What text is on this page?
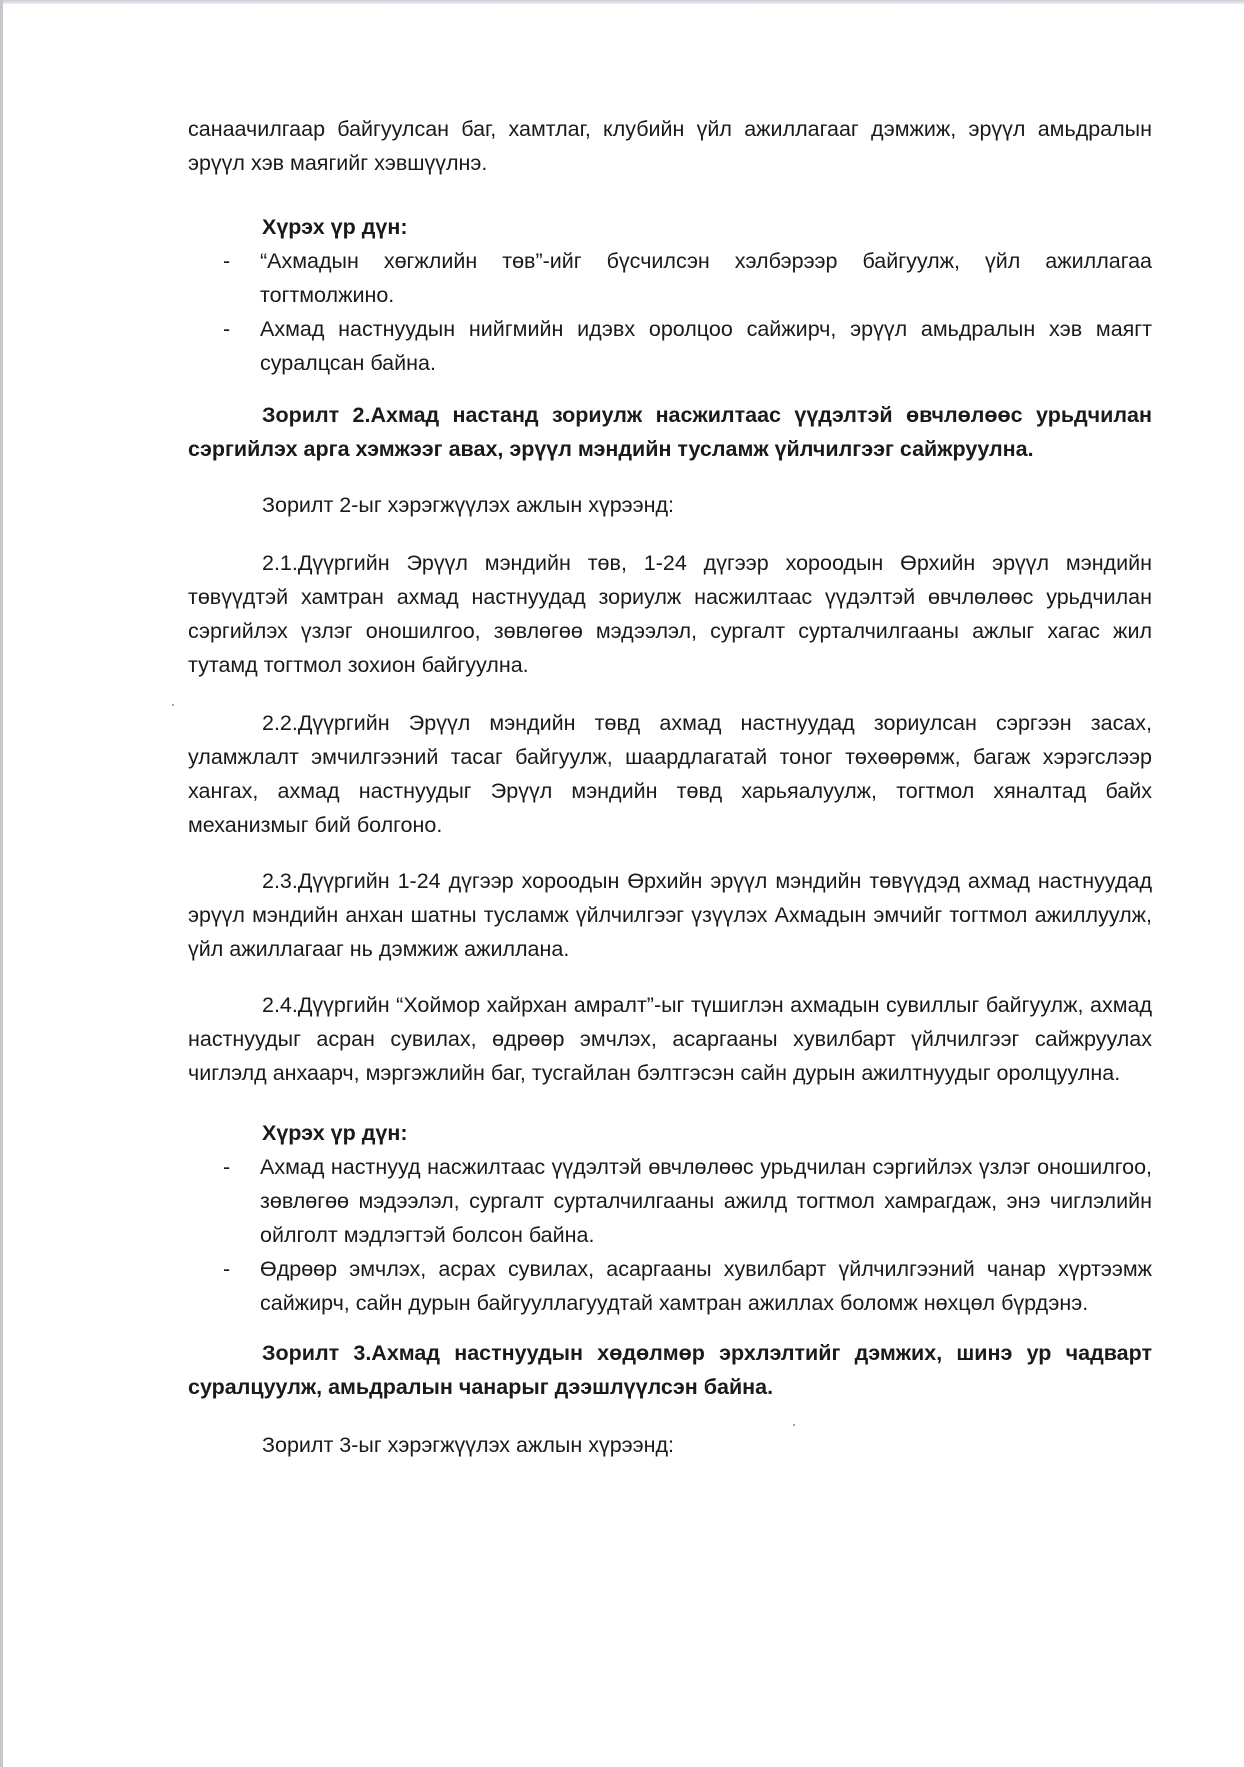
санаачилгаар байгуулсан баг, хамтлаг, клубийн үйл ажиллагааг дэмжиж, эрүүл амьдралын эрүүл хэв маягийг хэвшүүлнэ.

Хүрэх үр дүн:

- “Ахмадын хөгжлийн төв”-ийг бүсчилсэн хэлбэрээр байгуулж, үйл ажиллагаа тогтмолжино.
- Ахмад настнуудын нийгмийн идэвх оролцоо сайжирч, эрүүл амьдралын хэв маягт суралцсан байна.

Зорилт 2.Ахмад настанд зориулж насжилтаас үүдэлтэй өвчлөлөөс урьдчилан сэргийлэх арга хэмжээг авах, эрүүл мэндийн тусламж үйлчилгээг сайжруулна.

Зорилт 2-ыг хэрэгжүүлэх ажлын хүрээнд:

2.1.Дүүргийн Эрүүл мэндийн төв, 1-24 дүгээр хороодын Өрхийн эрүүл мэндийн төвүүдтэй хамтран ахмад настнуудад зориулж насжилтаас үүдэлтэй өвчлөлөөс урьдчилан сэргийлэх үзлэг оношилгоо, зөвлөгөө мэдээлэл, сургалт сурталчилгааны ажлыг хагас жил тутамд тогтмол зохион байгуулна.

2.2.Дүүргийн Эрүүл мэндийн төвд ахмад настнуудад зориулсан сэргээн засах, уламжлалт эмчилгээний тасаг байгуулж, шаардлагатай тоног төхөөрөмж, багаж хэрэгслээр хангах, ахмад настнуудыг Эрүүл мэндийн төвд харьяалуулж, тогтмол хяналтад байх механизмыг бий болгоно.

2.3.Дүүргийн 1-24 дүгээр хороодын Өрхийн эрүүл мэндийн төвүүдэд ахмад настнуудад эрүүл мэндийн анхан шатны тусламж үйлчилгээг үзүүлэх Ахмадын эмчийг тогтмол ажиллуулж, үйл ажиллагааг нь дэмжиж ажиллана.

2.4.Дүүргийн “Хоймор хайрхан амралт”-ыг түшиглэн ахмадын сувиллыг байгуулж, ахмад настнуудыг асран сувилах, өдрөөр эмчлэх, асаргааны хувилбарт үйлчилгээг сайжруулах чиглэлд анхаарч, мэргэжлийн баг, тусгайлан бэлтгэсэн сайн дурын ажилтнуудыг оролцуулна.

Хүрэх үр дүн:

- Ахмад настнууд насжилтаас үүдэлтэй өвчлөлөөс урьдчилан сэргийлэх үзлэг оношилгоо, зөвлөгөө мэдээлэл, сургалт сурталчилгааны ажилд тогтмол хамрагдаж, энэ чиглэлийн ойлголт мэдлэгтэй болсон байна.
- Өдрөөр эмчлэх, асрах сувилах, асаргааны хувилбарт үйлчилгээний чанар хүртээмж сайжирч, сайн дурын байгууллагуудтай хамтран ажиллах боломж нөхцөл бүрдэнэ.

Зорилт 3.Ахмад настнуудын хөдөлмөр эрхлэлтийг дэмжих, шинэ ур чадварт суралцуулж, амьдралын чанарыг дээшлүүлсэн байна.

Зорилт 3-ыг хэрэгжүүлэх ажлын хүрээнд:
